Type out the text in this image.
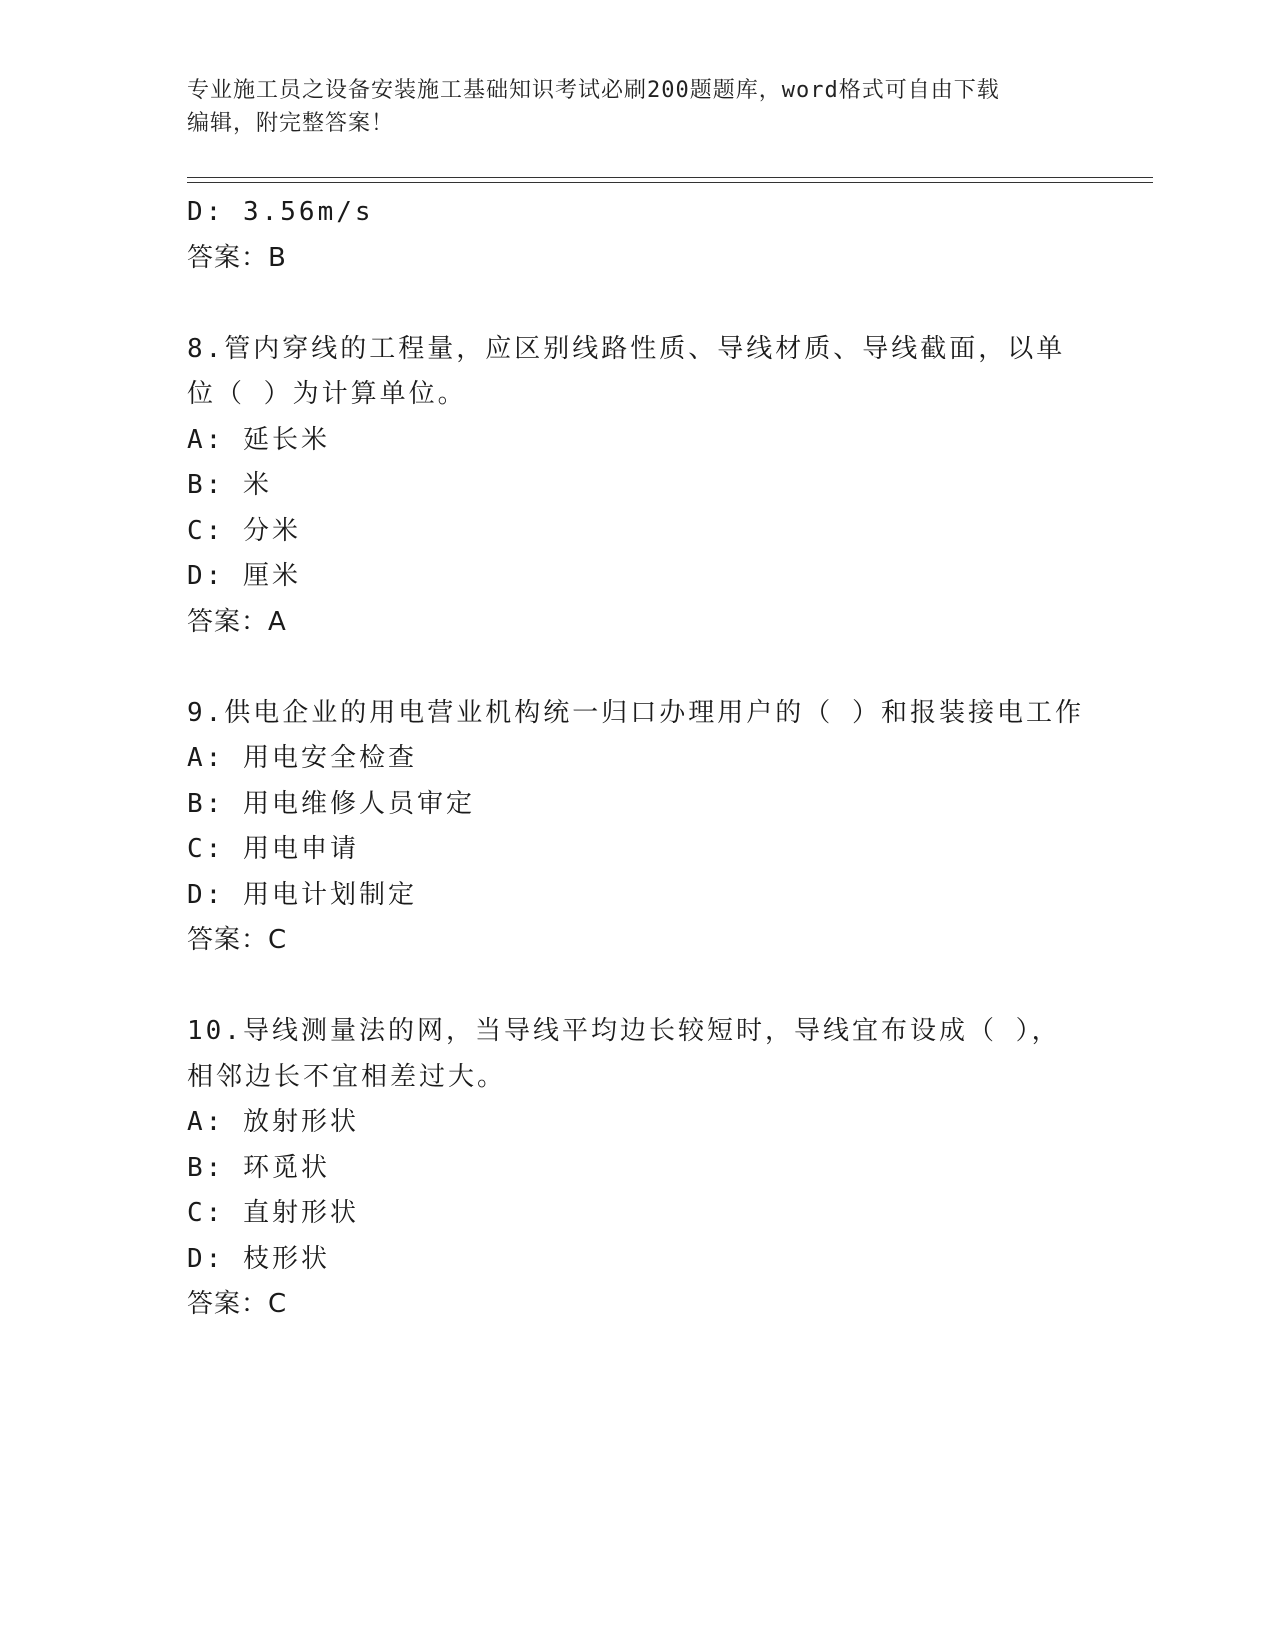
专业施工员之设备安装施工基础知识考试必刷200题题库，word格式可自由下载
编辑，附完整答案！
D: 3.56m/s
答案：B
8.管内穿线的工程量，应区别线路性质、导线材质、导线截面，以单
位（ ）为计算单位。
A: 延长米
B: 米
C: 分米
D: 厘米
答案：A
9.供电企业的用电营业机构统一归口办理用户的（ ）和报装接电工作
A: 用电安全检查
B: 用电维修人员审定
C: 用电申请
D: 用电计划制定
答案：C
10.导线测量法的网，当导线平均边长较短时，导线宜布设成（ ），
相邻边长不宜相差过大。
A: 放射形状
B: 环觅状
C: 直射形状
D: 枝形状
答案：C
